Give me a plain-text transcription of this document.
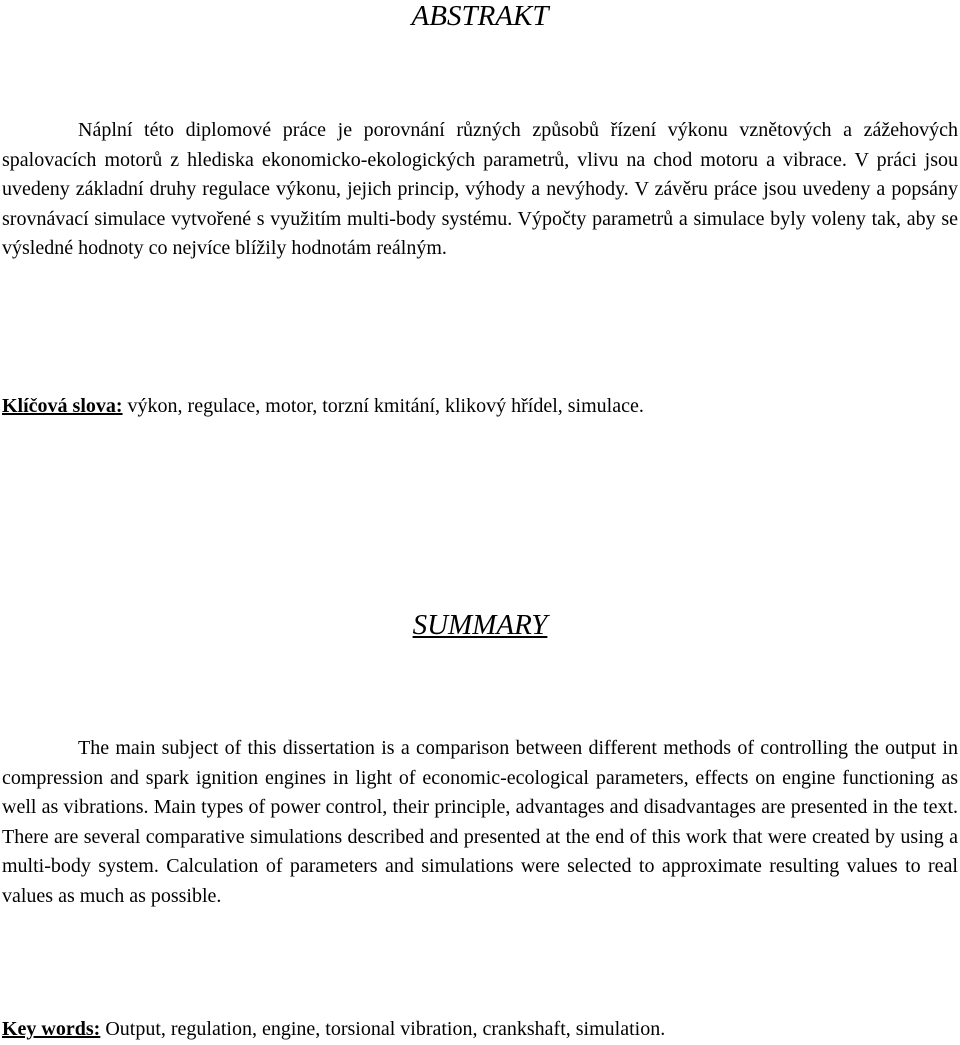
ABSTRAKT

Náplní této diplomové práce je porovnání různých způsobů řízení výkonu vznětových a zážehových spalovacích motorů z hlediska ekonomicko-ekologických parametrů, vlivu na chod motoru a vibrace. V práci jsou uvedeny základní druhy regulace výkonu, jejich princip, výhody a nevýhody. V závěru práce jsou uvedeny a popsány srovnávací simulace vytvořené s využitím multi-body systému. Výpočty parametrů a simulace byly voleny tak, aby se výsledné hodnoty co nejvíce blížily hodnotám reálným.

Klíčová slova: výkon, regulace, motor, torzní kmitání, klikový hřídel, simulace.

SUMMARY

The main subject of this dissertation is a comparison between different methods of controlling the output in compression and spark ignition engines in light of economic-ecological parameters, effects on engine functioning as well as vibrations. Main types of power control, their principle, advantages and disadvantages are presented in the text. There are several comparative simulations described and presented at the end of this work that were created by using a multi-body system. Calculation of parameters and simulations were selected to approximate resulting values to real values as much as possible.

Key words: Output, regulation, engine, torsional vibration, crankshaft, simulation.
